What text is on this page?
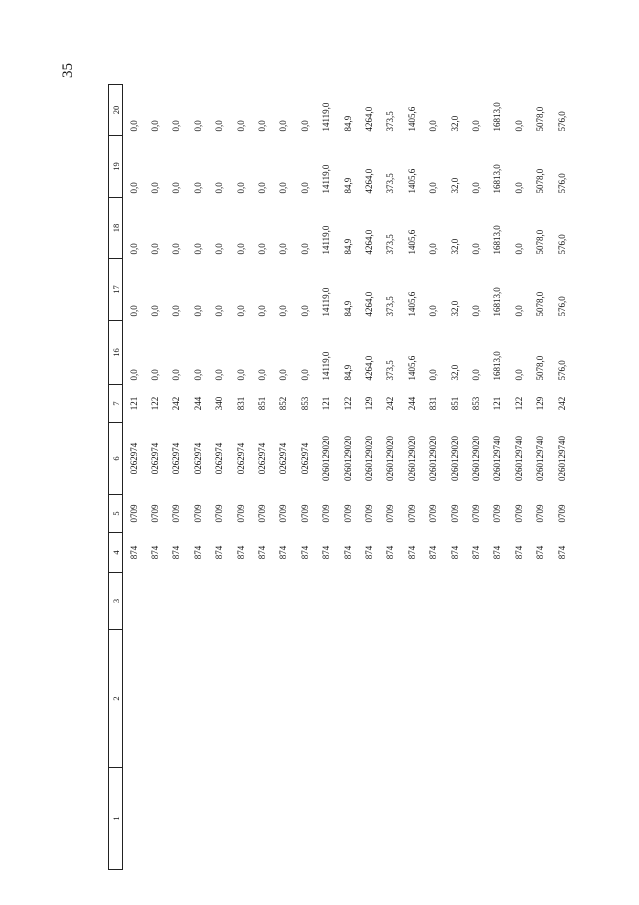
35
1	2	3	4	5	6	7	16	17	18	19	20
			874	0709	0262974	121	0,0	0,0	0,0	0,0	0,0
			874	0709	0262974	122	0,0	0,0	0,0	0,0	0,0
			874	0709	0262974	242	0,0	0,0	0,0	0,0	0,0
			874	0709	0262974	244	0,0	0,0	0,0	0,0	0,0
			874	0709	0262974	340	0,0	0,0	0,0	0,0	0,0
			874	0709	0262974	831	0,0	0,0	0,0	0,0	0,0
			874	0709	0262974	851	0,0	0,0	0,0	0,0	0,0
			874	0709	0262974	852	0,0	0,0	0,0	0,0	0,0
			874	0709	0262974	853	0,0	0,0	0,0	0,0	0,0
			874	0709	0260129020	121	14119,0	14119,0	14119,0	14119,0	14119,0
			874	0709	0260129020	122	84,9	84,9	84,9	84,9	84,9
			874	0709	0260129020	129	4264,0	4264,0	4264,0	4264,0	4264,0
			874	0709	0260129020	242	373,5	373,5	373,5	373,5	373,5
			874	0709	0260129020	244	1405,6	1405,6	1405,6	1405,6	1405,6
			874	0709	0260129020	831	0,0	0,0	0,0	0,0	0,0
			874	0709	0260129020	851	32,0	32,0	32,0	32,0	32,0
			874	0709	0260129020	853	0,0	0,0	0,0	0,0	0,0
			874	0709	0260129740	121	16813,0	16813,0	16813,0	16813,0	16813,0
			874	0709	0260129740	122	0,0	0,0	0,0	0,0	0,0
			874	0709	0260129740	129	5078,0	5078,0	5078,0	5078,0	5078,0
			874	0709	0260129740	242	576,0	576,0	576,0	576,0	576,0
